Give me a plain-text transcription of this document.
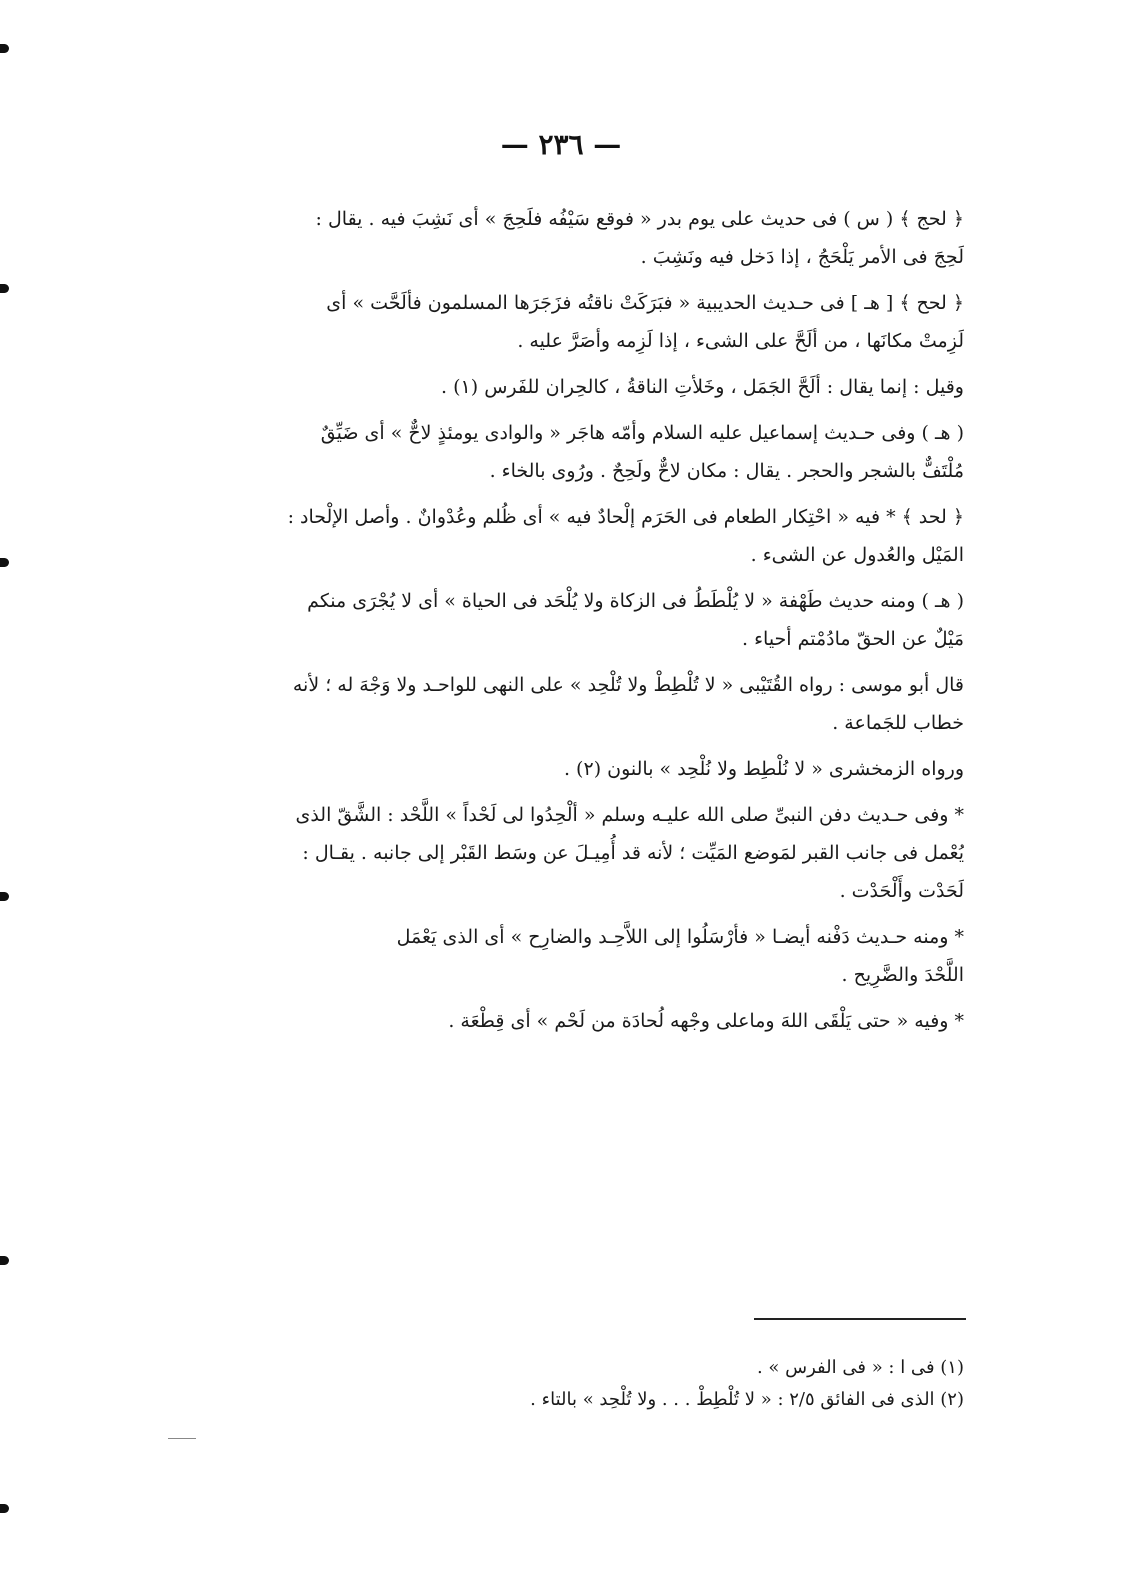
— ٢٣٦ —

﴿ لحج ﴾ ( س ) فى حديث على يوم بدر « فوقع سَيْفُه فلَحِجَ » أى نَشِبَ فيه . يقال :
لَحِجَ فى الأمر يَلْحَجُ ، إذا دَخل فيه ونَشِبَ .

﴿ لحح ﴾ [ هـ ] فى حـديث الحديبية « فبَرَكَتْ ناقتُه فزَجَرَها المسلمون فألَحَّت » أى
لَزِمتْ مكانَها ، من ألَحَّ على الشىء ، إذا لَزِمه وأصَرَّ عليه .

وقيل : إنما يقال : ألَحَّ الجَمَل ، وخَلأتِ الناقةُ ، كالحِران للفَرس (١) .

( هـ ) وفى حـديث إسماعيل عليه السلام وأمّه هاجَر « والوادى يومئذٍ لاحٌّ » أى ضَيِّقٌ
مُلْتَفٌّ بالشجر والحجر . يقال : مكان لاحٌّ ولَحِحٌ . ورُوى بالخاء .

﴿ لحد ﴾ * فيه « احْتِكار الطعام فى الحَرَم إلْحادٌ فيه » أى ظُلم وعُدْوانٌ . وأصل الإلْحاد :
المَيْل والعُدول عن الشىء .

( هـ ) ومنه حديث طَهْفة « لا يُلْطَطُ فى الزكاة ولا يُلْحَد فى الحياة » أى لا يُجْرَى منكم
مَيْلٌ عن الحقّ مادُمْتم أحياء .

قال أبو موسى : رواه القُتَيْبى « لا تُلْطِطْ ولا تُلْحِد » على النهى للواحـد ولا وَجْهَ له ؛ لأنه
خطاب للجَماعة .

ورواه الزمخشرى « لا نُلْطِط ولا نُلْحِد » بالنون (٢) .

* وفى حـديث دفن النبىِّ صلى الله عليـه وسلم « ألْحِدُوا لى لَحْداً » اللَّحْد : الشَّقّ الذى
يُعْمل فى جانب القبر لمَوضع المَيِّت ؛ لأنه قد أُمِيـلَ عن وسَط القَبْر إلى جانبه . يقـال :
لَحَدْت وأَلْحَدْت .

* ومنه حـديث دَفْنه أيضـا « فأرْسَلُوا إلى اللاَّحِـد والضارِح » أى الذى يَعْمَل
اللَّحْدَ والضَّرِيح .

* وفيه « حتى يَلْقَى اللهَ وماعلى وجْهه لُحادَة من لَحْم » أى قِطْعَة .

(١) فى ا : « فى الفرس » .
(٢) الذى فى الفائق ٢/٥ : « لا تُلْطِطْ . . . ولا تُلْحِد » بالتاء .
